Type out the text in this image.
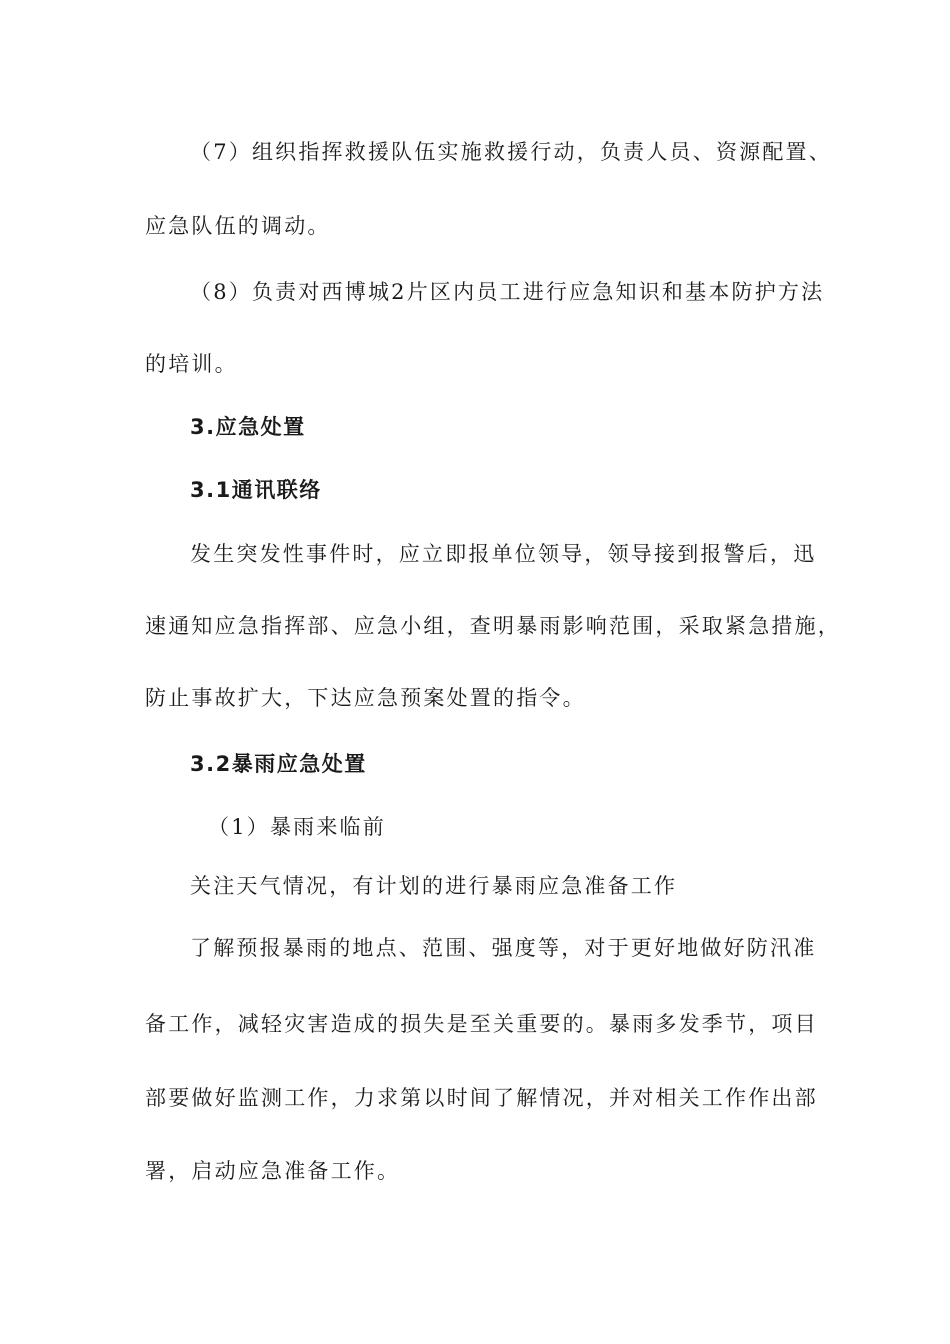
（7）组织指挥救援队伍实施救援行动，负责人员、资源配置、

应急队伍的调动。

（8）负责对西博城2片区内员工进行应急知识和基本防护方法

的培训。

3.应急处置

3.1通讯联络

发生突发性事件时，应立即报单位领导，领导接到报警后，迅

速通知应急指挥部、应急小组，查明暴雨影响范围，采取紧急措施，

防止事故扩大，下达应急预案处置的指令。

3.2暴雨应急处置

（1）暴雨来临前

关注天气情况，有计划的进行暴雨应急准备工作

了解预报暴雨的地点、范围、强度等，对于更好地做好防汛准

备工作，减轻灾害造成的损失是至关重要的。暴雨多发季节，项目

部要做好监测工作，力求第以时间了解情况，并对相关工作作出部

署，启动应急准备工作。
